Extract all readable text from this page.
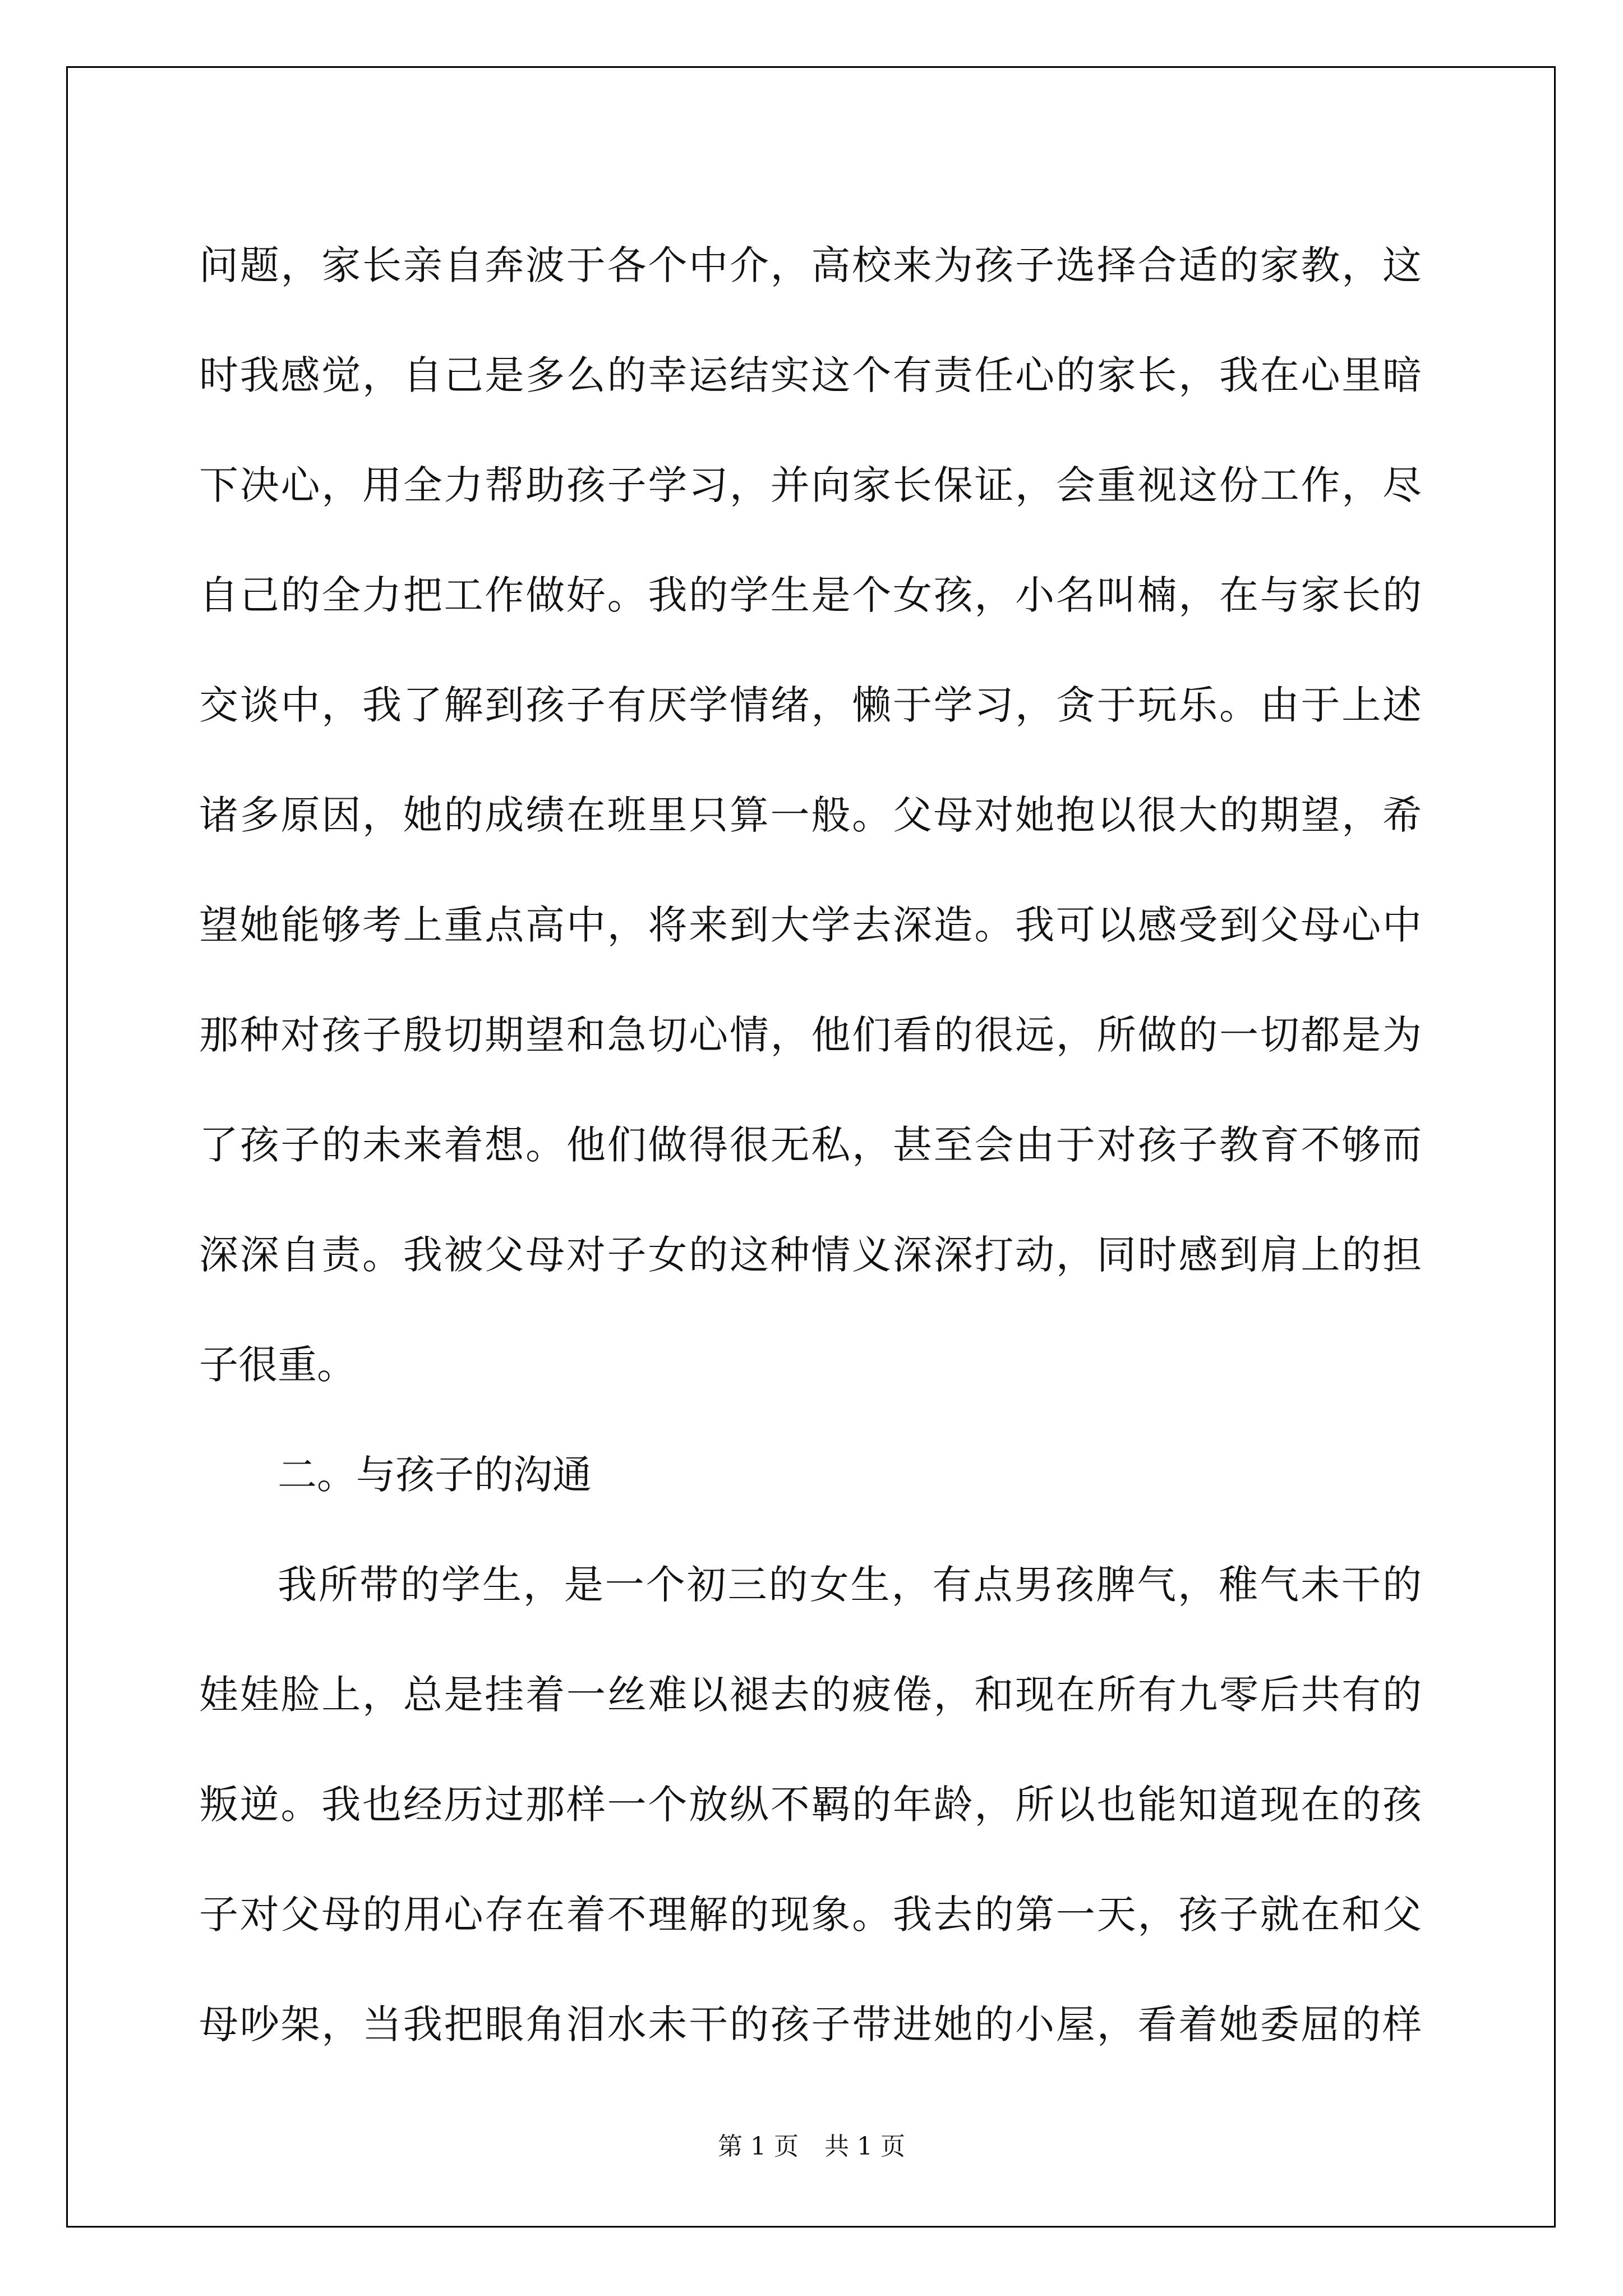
问题，家长亲自奔波于各个中介，高校来为孩子选择合适的家教，这
时我感觉，自己是多么的幸运结实这个有责任心的家长，我在心里暗
下决心，用全力帮助孩子学习，并向家长保证，会重视这份工作，尽
自己的全力把工作做好。我的学生是个女孩，小名叫楠，在与家长的
交谈中，我了解到孩子有厌学情绪，懒于学习，贪于玩乐。由于上述
诸多原因，她的成绩在班里只算一般。父母对她抱以很大的期望，希
望她能够考上重点高中，将来到大学去深造。我可以感受到父母心中
那种对孩子殷切期望和急切心情，他们看的很远，所做的一切都是为
了孩子的未来着想。他们做得很无私，甚至会由于对孩子教育不够而
深深自责。我被父母对子女的这种情义深深打动，同时感到肩上的担
子很重。
二。与孩子的沟通
我所带的学生，是一个初三的女生，有点男孩脾气，稚气未干的
娃娃脸上，总是挂着一丝难以褪去的疲倦，和现在所有九零后共有的
叛逆。我也经历过那样一个放纵不羁的年龄，所以也能知道现在的孩
子对父母的用心存在着不理解的现象。我去的第一天，孩子就在和父
母吵架，当我把眼角泪水未干的孩子带进她的小屋，看着她委屈的样
第 1 页 共 1 页
